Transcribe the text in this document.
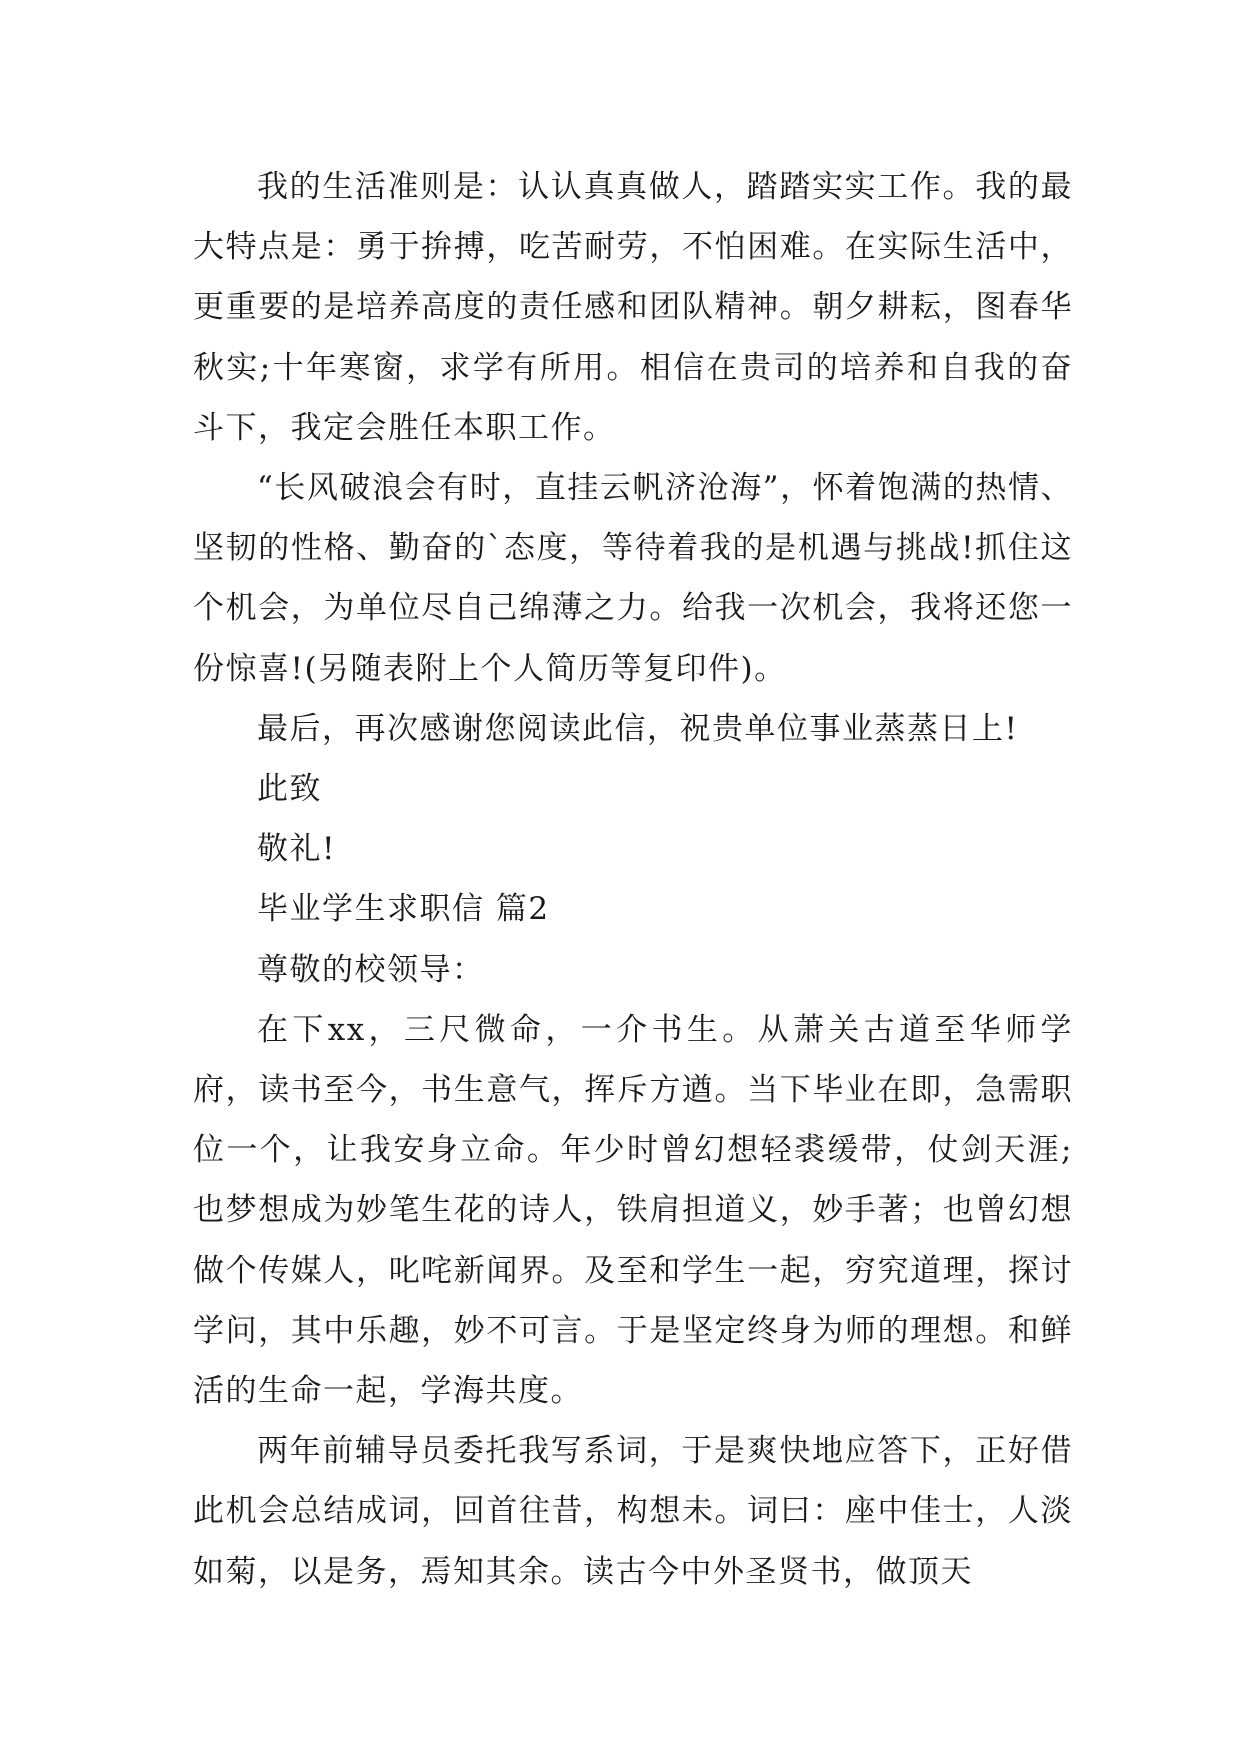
我的生活准则是：认认真真做人，踏踏实实工作。我的最大特点是：勇于拚搏，吃苦耐劳，不怕困难。在实际生活中，更重要的是培养高度的责任感和团队精神。朝夕耕耘，图春华秋实;十年寒窗，求学有所用。相信在贵司的培养和自我的奋斗下，我定会胜任本职工作。

“长风破浪会有时，直挂云帆济沧海”，怀着饱满的热情、坚韧的性格、勤奋的`态度，等待着我的是机遇与挑战!抓住这个机会，为单位尽自己绵薄之力。给我一次机会，我将还您一份惊喜!(另随表附上个人简历等复印件)。

最后，再次感谢您阅读此信，祝贵单位事业蒸蒸日上!

此致

敬礼!

毕业学生求职信 篇2

尊敬的校领导：

在下xx，三尺微命，一介书生。从萧关古道至华师学府，读书至今，书生意气，挥斥方遒。当下毕业在即，急需职位一个，让我安身立命。年少时曾幻想轻裘缓带，仗剑天涯;也梦想成为妙笔生花的诗人，铁肩担道义，妙手著；也曾幻想做个传媒人，叱咤新闻界。及至和学生一起，穷究道理，探讨学问，其中乐趣，妙不可言。于是坚定终身为师的理想。和鲜活的生命一起，学海共度。

两年前辅导员委托我写系词，于是爽快地应答下，正好借此机会总结成词，回首往昔，构想未。词曰：座中佳士，人淡如菊，以是务，焉知其余。读古今中外圣贤书，做顶天
